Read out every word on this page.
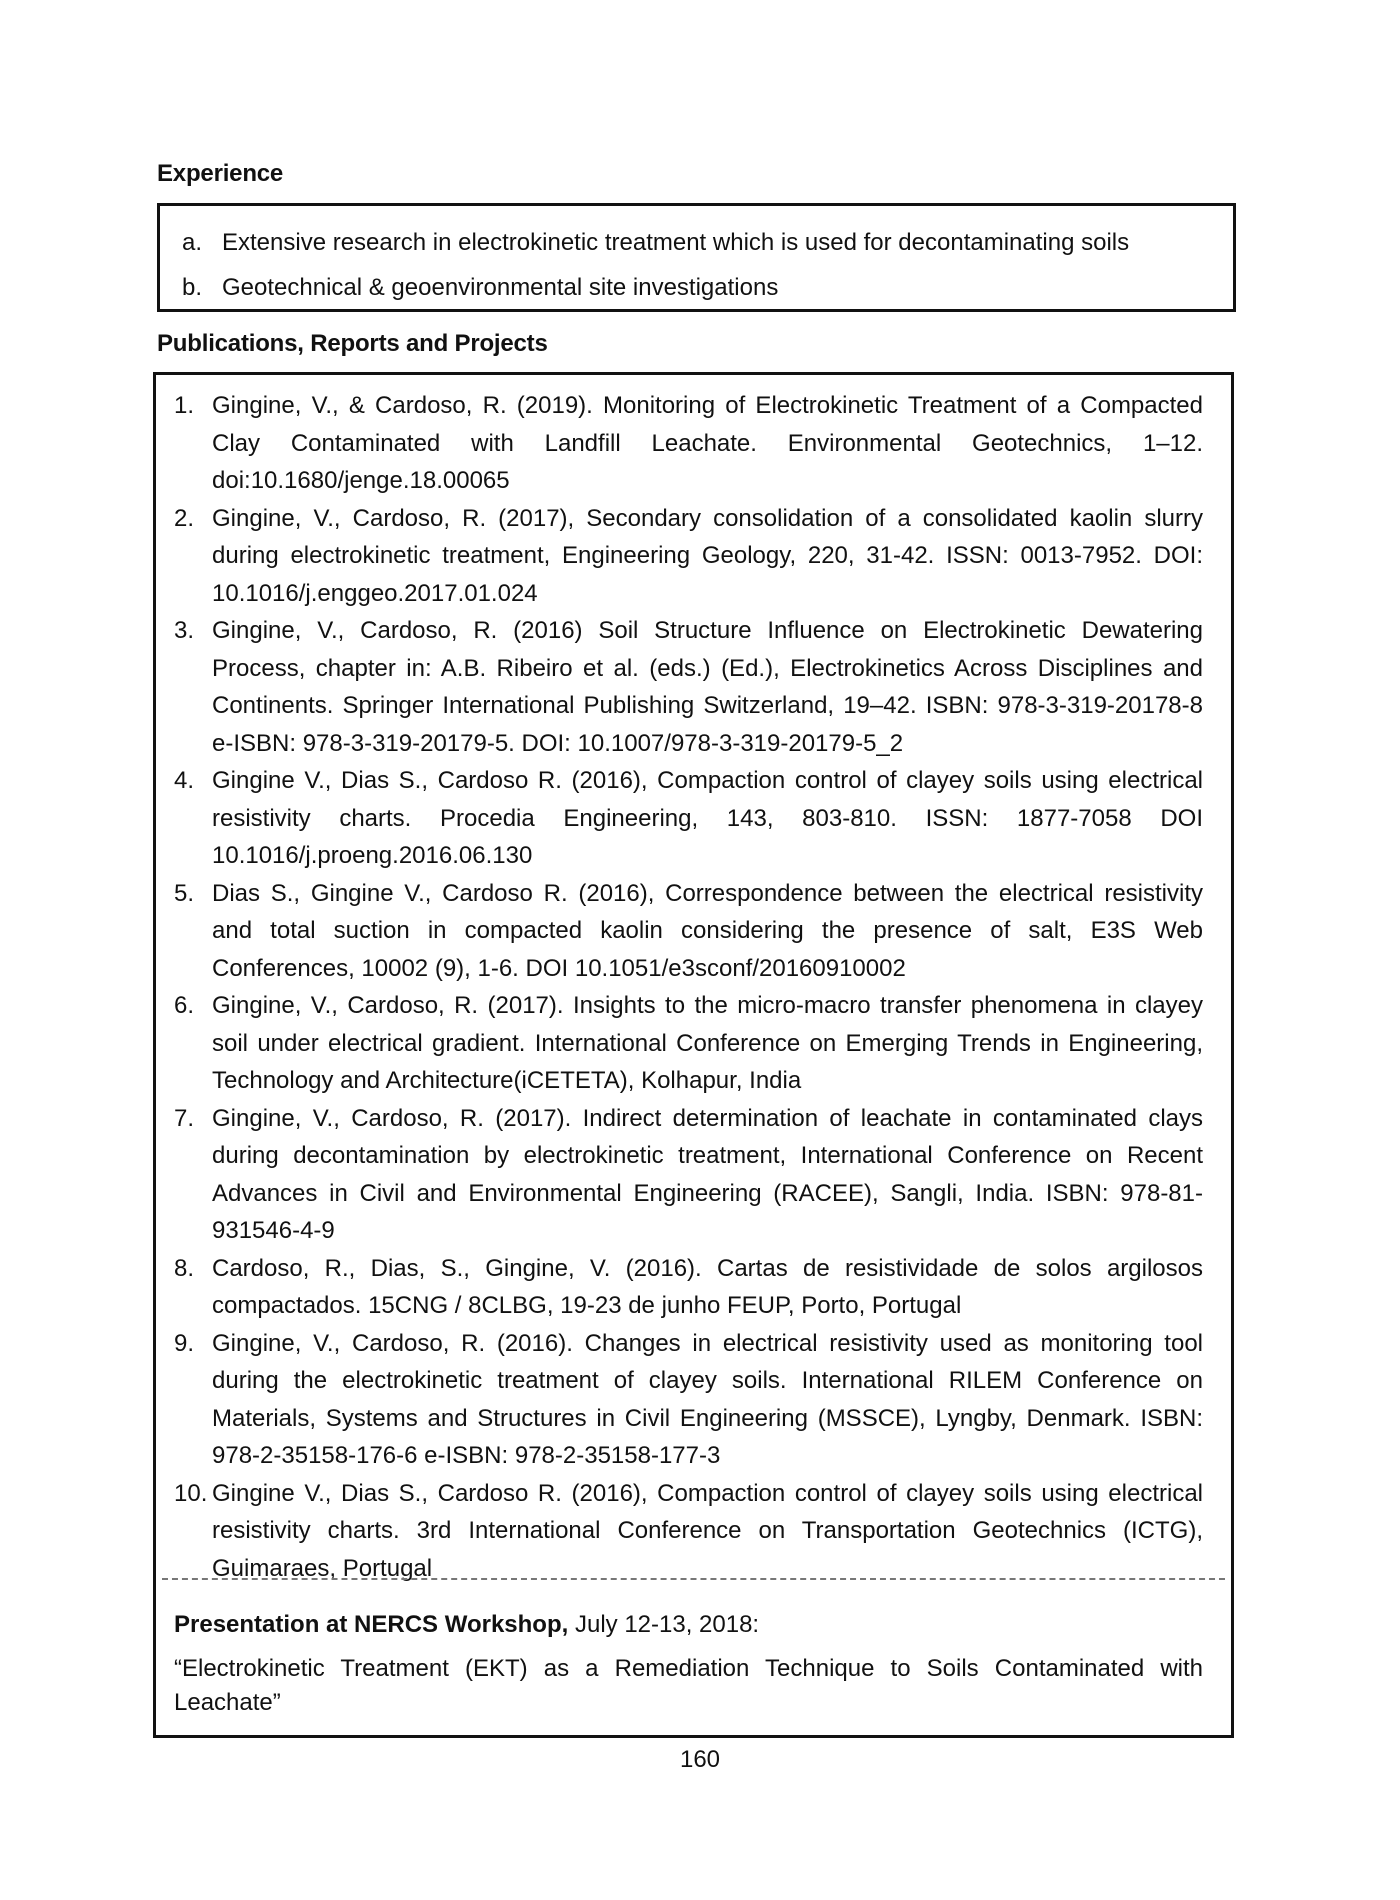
Experience
a. Extensive research in electrokinetic treatment which is used for decontaminating soils
b. Geotechnical & geoenvironmental site investigations
Publications, Reports and Projects
1. Gingine, V., & Cardoso, R. (2019). Monitoring of Electrokinetic Treatment of a Compacted Clay Contaminated with Landfill Leachate. Environmental Geotechnics, 1–12. doi:10.1680/jenge.18.00065
2. Gingine, V., Cardoso, R. (2017), Secondary consolidation of a consolidated kaolin slurry during electrokinetic treatment, Engineering Geology, 220, 31-42. ISSN: 0013-7952. DOI: 10.1016/j.enggeo.2017.01.024
3. Gingine, V., Cardoso, R. (2016) Soil Structure Influence on Electrokinetic Dewatering Process, chapter in: A.B. Ribeiro et al. (eds.) (Ed.), Electrokinetics Across Disciplines and Continents. Springer International Publishing Switzerland, 19–42. ISBN: 978-3-319-20178-8 e-ISBN: 978-3-319-20179-5. DOI: 10.1007/978-3-319-20179-5_2
4. Gingine V., Dias S., Cardoso R. (2016), Compaction control of clayey soils using electrical resistivity charts. Procedia Engineering, 143, 803-810. ISSN: 1877-7058 DOI 10.1016/j.proeng.2016.06.130
5. Dias S., Gingine V., Cardoso R. (2016), Correspondence between the electrical resistivity and total suction in compacted kaolin considering the presence of salt, E3S Web Conferences, 10002 (9), 1-6. DOI 10.1051/e3sconf/20160910002
6. Gingine, V., Cardoso, R. (2017). Insights to the micro-macro transfer phenomena in clayey soil under electrical gradient. International Conference on Emerging Trends in Engineering, Technology and Architecture(iCETETA), Kolhapur, India
7. Gingine, V., Cardoso, R. (2017). Indirect determination of leachate in contaminated clays during decontamination by electrokinetic treatment, International Conference on Recent Advances in Civil and Environmental Engineering (RACEE), Sangli, India. ISBN: 978-81-931546-4-9
8. Cardoso, R., Dias, S., Gingine, V. (2016). Cartas de resistividade de solos argilosos compactados. 15CNG / 8CLBG, 19-23 de junho FEUP, Porto, Portugal
9. Gingine, V., Cardoso, R. (2016). Changes in electrical resistivity used as monitoring tool during the electrokinetic treatment of clayey soils. International RILEM Conference on Materials, Systems and Structures in Civil Engineering (MSSCE), Lyngby, Denmark. ISBN: 978-2-35158-176-6 e-ISBN: 978-2-35158-177-3
10. Gingine V., Dias S., Cardoso R. (2016), Compaction control of clayey soils using electrical resistivity charts. 3rd International Conference on Transportation Geotechnics (ICTG), Guimaraes, Portugal
Presentation at NERCS Workshop, July 12-13, 2018:
“Electrokinetic Treatment (EKT) as a Remediation Technique to Soils Contaminated with Leachate”
160
